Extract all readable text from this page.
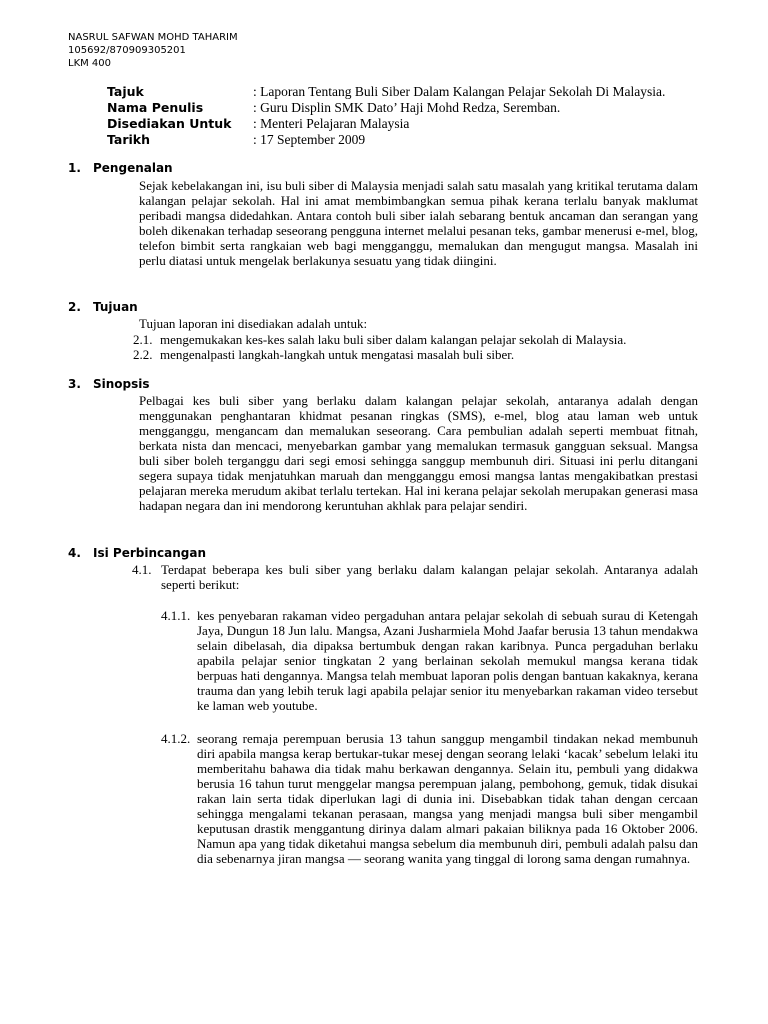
NASRUL SAFWAN MOHD TAHARIM
105692/870909305201
LKM 400
Tajuk	: Laporan Tentang Buli Siber Dalam Kalangan Pelajar Sekolah Di Malaysia.
Nama Penulis	: Guru Displin SMK Dato’ Haji Mohd Redza, Seremban.
Disediakan Untuk : Menteri Pelajaran Malaysia
Tarikh	: 17 September 2009
1. Pengenalan
Sejak kebelakangan ini, isu buli siber di Malaysia menjadi salah satu masalah yang kritikal terutama dalam kalangan pelajar sekolah. Hal ini amat membimbangkan semua pihak kerana terlalu banyak maklumat peribadi mangsa didedahkan. Antara contoh buli siber ialah sebarang bentuk ancaman dan serangan yang boleh dikenakan terhadap seseorang pengguna internet melalui pesanan teks, gambar menerusi e-mel, blog, telefon bimbit serta rangkaian web bagi mengganggu, memalukan dan mengugut mangsa. Masalah ini perlu diatasi untuk mengelak berlakunya sesuatu yang tidak diingini.
2. Tujuan
Tujuan laporan ini disediakan adalah untuk:
2.1. mengemukakan kes-kes salah laku buli siber dalam kalangan pelajar sekolah di Malaysia.
2.2. mengenalpasti langkah-langkah untuk mengatasi masalah buli siber.
3. Sinopsis
Pelbagai kes buli siber yang berlaku dalam kalangan pelajar sekolah, antaranya adalah dengan menggunakan penghantaran khidmat pesanan ringkas (SMS), e-mel, blog atau laman web untuk mengganggu, mengancam dan memalukan seseorang. Cara pembulian adalah seperti membuat fitnah, berkata nista dan mencaci, menyebarkan gambar yang memalukan termasuk gangguan seksual. Mangsa buli siber boleh terganggu dari segi emosi sehingga sanggup membunuh diri. Situasi ini perlu ditangani segera supaya tidak menjatuhkan maruah dan mengganggu emosi mangsa lantas mengakibatkan prestasi pelajaran mereka merudum akibat terlalu tertekan. Hal ini kerana pelajar sekolah merupakan generasi masa hadapan negara dan ini mendorong keruntuhan akhlak para pelajar sendiri.
4. Isi Perbincangan
4.1. Terdapat beberapa kes buli siber yang berlaku dalam kalangan pelajar sekolah. Antaranya adalah seperti berikut:
4.1.1. kes penyebaran rakaman video pergaduhan antara pelajar sekolah di sebuah surau di Ketengah Jaya, Dungun 18 Jun lalu. Mangsa, Azani Jusharmiela Mohd Jaafar berusia 13 tahun mendakwa selain dibelasah, dia dipaksa bertumbuk dengan rakan karibnya. Punca pergaduhan berlaku apabila pelajar senior tingkatan 2 yang berlainan sekolah memukul mangsa kerana tidak berpuas hati dengannya. Mangsa telah membuat laporan polis dengan bantuan kakaknya, kerana trauma dan yang lebih teruk lagi apabila pelajar senior itu menyebarkan rakaman video tersebut ke laman web youtube.
4.1.2. seorang remaja perempuan berusia 13 tahun sanggup mengambil tindakan nekad membunuh diri apabila mangsa kerap bertukar-tukar mesej dengan seorang lelaki ‘kacak’ sebelum lelaki itu memberitahu bahawa dia tidak mahu berkawan dengannya. Selain itu, pembuli yang didakwa berusia 16 tahun turut menggelar mangsa perempuan jalang, pembohong, gemuk, tidak disukai rakan lain serta tidak diperlukan lagi di dunia ini. Disebabkan tidak tahan dengan cercaan sehingga mengalami tekanan perasaan, mangsa yang menjadi mangsa buli siber mengambil keputusan drastik menggantung dirinya dalam almari pakaian biliknya pada 16 Oktober 2006. Namun apa yang tidak diketahui mangsa sebelum dia membunuh diri, pembuli adalah palsu dan dia sebenarnya jiran mangsa — seorang wanita yang tinggal di lorong sama dengan rumahnya.
